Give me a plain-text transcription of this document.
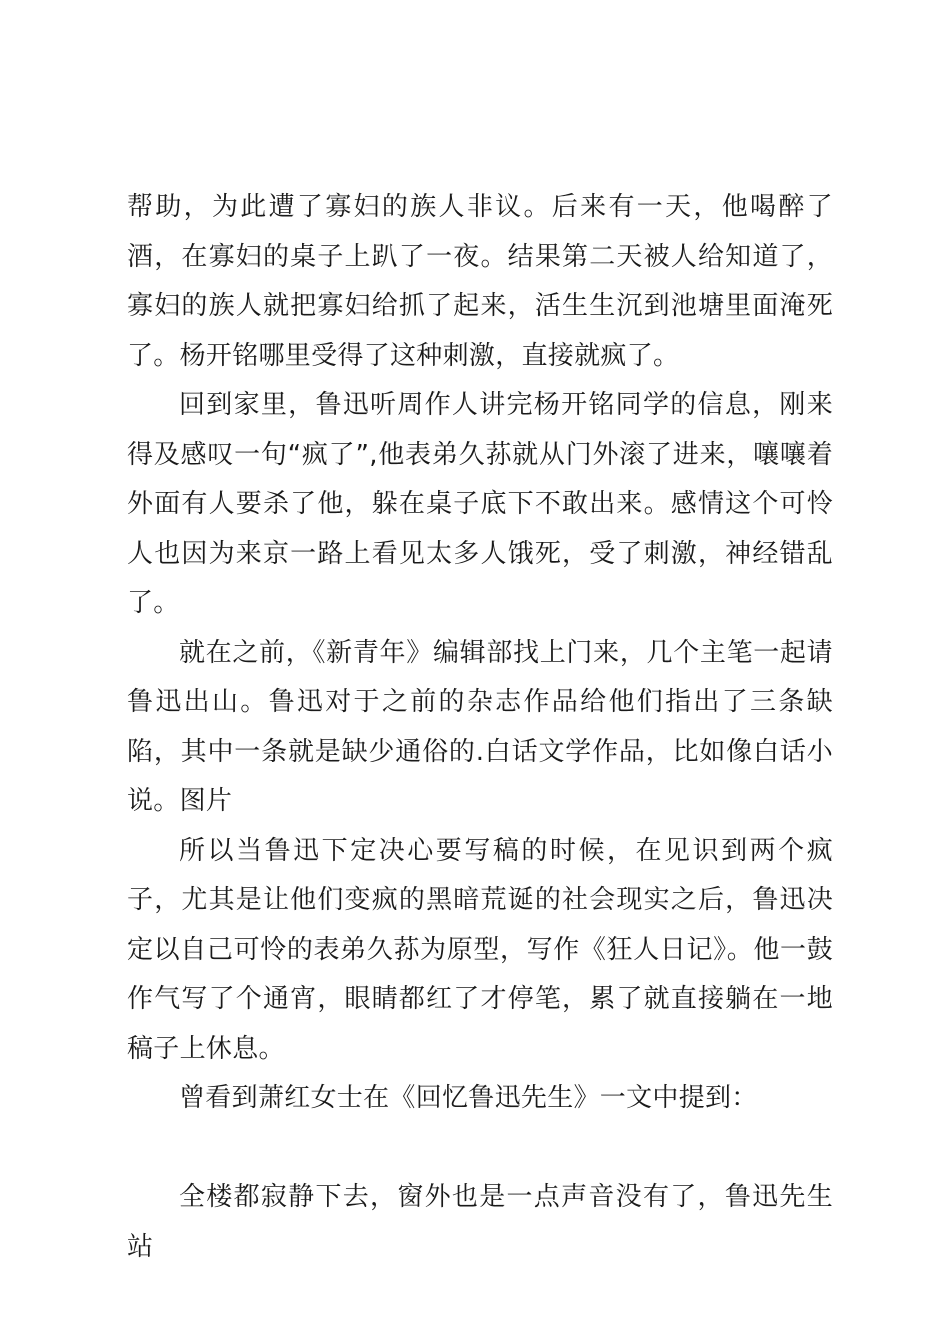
帮助，为此遭了寡妇的族人非议。后来有一天，他喝醉了酒，在寡妇的桌子上趴了一夜。结果第二天被人给知道了，寡妇的族人就把寡妇给抓了起来，活生生沉到池塘里面淹死了。杨开铭哪里受得了这种刺激，直接就疯了。

回到家里，鲁迅听周作人讲完杨开铭同学的信息，刚来得及感叹一句“疯了”,他表弟久荪就从门外滚了进来，嚷嚷着外面有人要杀了他，躲在桌子底下不敢出来。感情这个可怜人也因为来京一路上看见太多人饿死，受了刺激，神经错乱了。

就在之前，《新青年》编辑部找上门来，几个主笔一起请鲁迅出山。鲁迅对于之前的杂志作品给他们指出了三条缺陷，其中一条就是缺少通俗的.白话文学作品，比如像白话小说。图片

所以当鲁迅下定决心要写稿的时候，在见识到两个疯子，尤其是让他们变疯的黑暗荒诞的社会现实之后，鲁迅决定以自己可怜的表弟久荪为原型，写作《狂人日记》。他一鼓作气写了个通宵，眼睛都红了才停笔，累了就直接躺在一地稿子上休息。

曾看到萧红女士在《回忆鲁迅先生》一文中提到：

全楼都寂静下去，窗外也是一点声音没有了，鲁迅先生站
